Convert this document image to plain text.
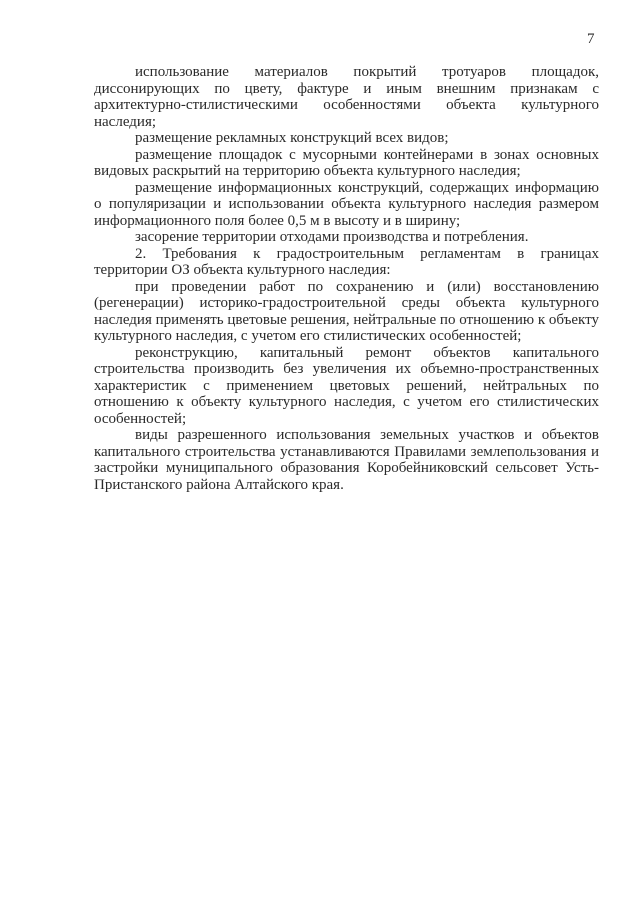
7

использование материалов покрытий тротуаров площадок, диссонирующих по цвету, фактуре и иным внешним признакам с архитектурно-стилистическими особенностями объекта культурного наследия;

размещение рекламных конструкций всех видов;

размещение площадок с мусорными контейнерами в зонах основных видовых раскрытий на территорию объекта культурного наследия;

размещение информационных конструкций, содержащих информацию о популяризации и использовании объекта культурного наследия размером информационного поля более 0,5 м в высоту и в ширину;

засорение территории отходами производства и потребления.

2. Требования к градостроительным регламентам в границах территории ОЗ объекта культурного наследия:

при проведении работ по сохранению и (или) восстановлению (регенерации) историко-градостроительной среды объекта культурного наследия применять цветовые решения, нейтральные по отношению к объекту культурного наследия, с учетом его стилистических особенностей;

реконструкцию, капитальный ремонт объектов капитального строительства производить без увеличения их объемно-пространственных характеристик с применением цветовых решений, нейтральных по отношению к объекту культурного наследия, с учетом его стилистических особенностей;

виды разрешенного использования земельных участков и объектов капитального строительства устанавливаются Правилами землепользования и застройки муниципального образования Коробейниковский сельсовет Усть-Пристанского района Алтайского края.
